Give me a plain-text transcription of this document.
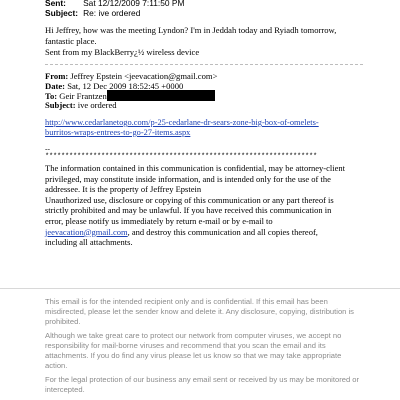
Sent: Sat 12/12/2009 7:11:50 PM
Subject: Re: ive ordered
Hi Jeffrey, how was the meeting Lyndon? I'm in Jeddah today and Ryiadh tomorrow, fantastic place.
Sent from my BlackBerry¿½ wireless device
From: Jeffrey Epstein <jeevacation@gmail.com>
Date: Sat, 12 Dec 2009 18:52:45 +0000
To: Geir Frantzen
Subject: ive ordered
http://www.cedarlanetogo.com/p-25-cedarlane-dr-sears-zone-big-box-of-omelets-burritos-wraps-entrees-to-go-27-items.aspx
--
********************************************************************
The information contained in this communication is confidential, may be attorney-client privileged, may constitute inside information, and is intended only for the use of the addressee. It is the property of Jeffrey Epstein
Unauthorized use, disclosure or copying of this communication or any part thereof is strictly prohibited and may be unlawful. If you have received this communication in error, please notify us immediately by return e-mail or by e-mail to jeevacation@gmail.com, and destroy this communication and all copies thereof, including all attachments.
This email is for the intended recipient only and is confidential. If this email has been misdirected, please let the sender know and delete it. Any disclosure, copying, distribution is prohibited.
Although we take great care to protect our network from computer viruses, we accept no responsibility for mail-borne viruses and recommend that you scan the email and its attachments. If you do find any virus please let us know so that we may take appropriate action.
For the legal protection of our business any email sent or received by us may be monitored or intercepted.
